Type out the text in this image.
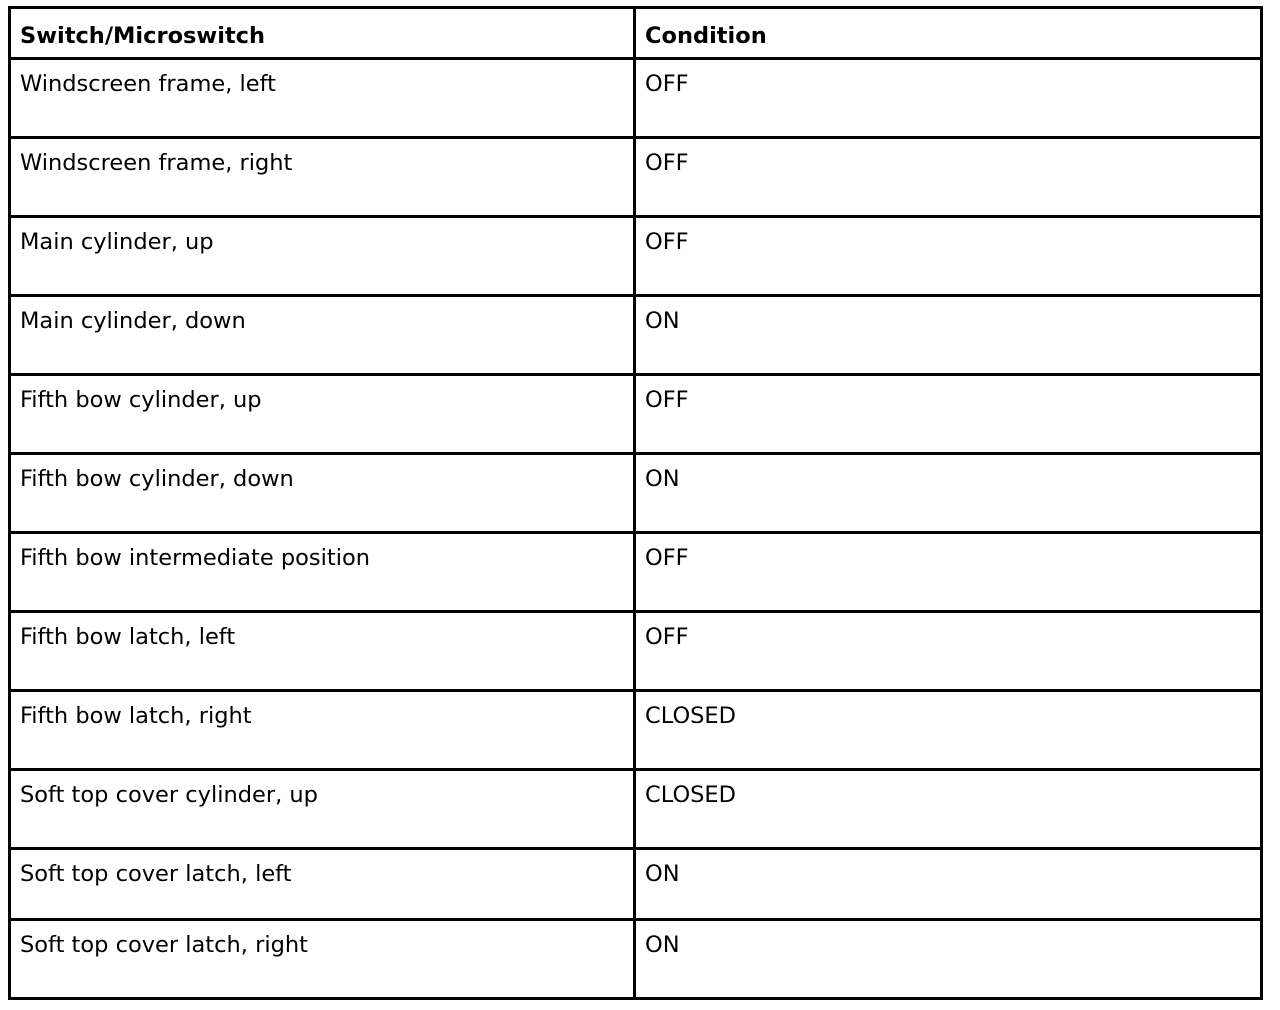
Switch/Microswitch	Condition
Windscreen frame, left	OFF
Windscreen frame, right	OFF
Main cylinder, up	OFF
Main cylinder, down	ON
Fifth bow cylinder, up	OFF
Fifth bow cylinder, down	ON
Fifth bow intermediate position	OFF
Fifth bow latch, left	OFF
Fifth bow latch, right	CLOSED
Soft top cover cylinder, up	CLOSED
Soft top cover latch, left	ON
Soft top cover latch, right	ON
